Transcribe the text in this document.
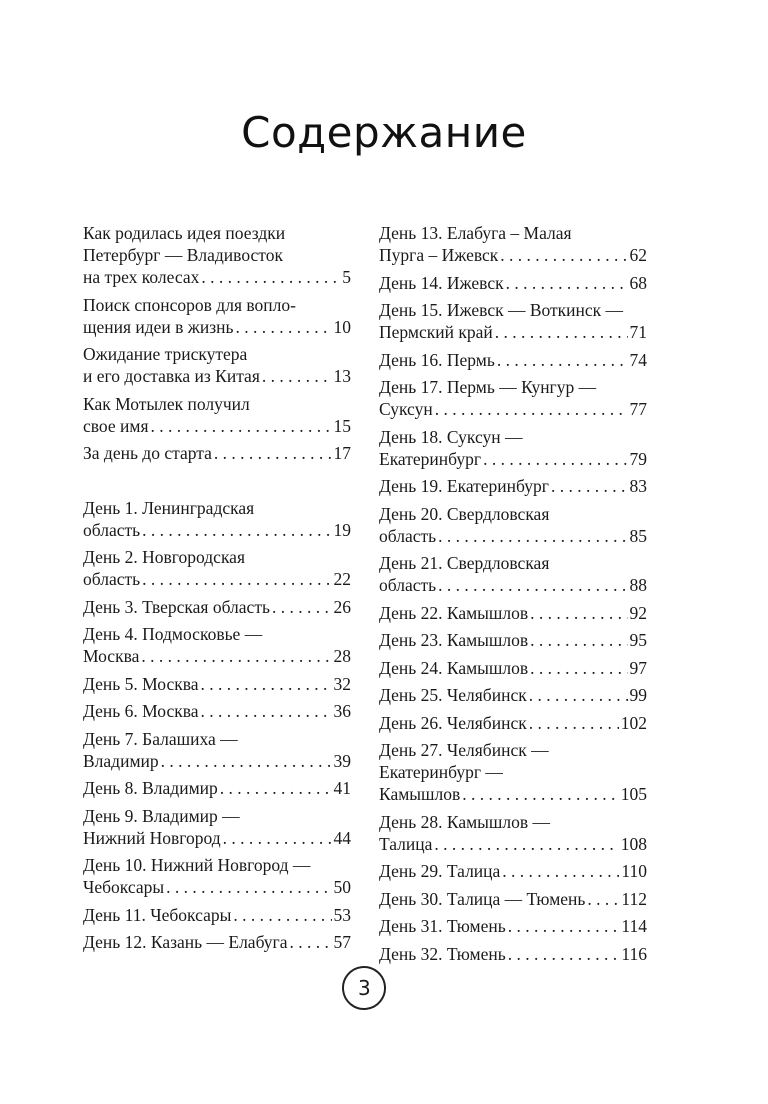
Содержание
Как родилась идея поездки
Петербург — Владивосток
на трех колесах . . .	5
Поиск спонсоров для вопло-
щения идеи в жизнь . . .	10
Ожидание трискутера
и его доставка из Китая . . .	13
Как Мотылек получил
свое имя . . .	15
За день до старта . . .	17
День 1. Ленинградская
область . . .	19
День 2. Новгородская
область . . .	22
День 3. Тверская область . . .	26
День 4. Подмосковье —
Москва . . .	28
День 5. Москва . . .	32
День 6. Москва . . .	36
День 7. Балашиха —
Владимир . . .	39
День 8. Владимир . . .	41
День 9. Владимир —
Нижний Новгород . . .	44
День 10. Нижний Новгород —
Чебоксары . . .	50
День 11. Чебоксары . . .	53
День 12. Казань — Елабуга . . .	57
День 13. Елабуга – Малая
Пурга – Ижевск . . .	62
День 14. Ижевск . . .	68
День 15. Ижевск — Воткинск —
Пермский край . . .	71
День 16. Пермь . . .	74
День 17. Пермь — Кунгур —
Суксун . . .	77
День 18. Суксун —
Екатеринбург . . .	79
День 19. Екатеринбург . . .	83
День 20. Свердловская
область . . .	85
День 21. Свердловская
область . . .	88
День 22. Камышлов . . .	92
День 23. Камышлов . . .	95
День 24. Камышлов . . .	97
День 25. Челябинск . . .	99
День 26. Челябинск . . .	102
День 27. Челябинск —
Екатеринбург —
Камышлов . . .	105
День 28. Камышлов —
Талица . . .	108
День 29. Талица . . .	110
День 30. Талица — Тюмень . . . 112
День 31. Тюмень . . .	114
День 32. Тюмень . . .	116
3
